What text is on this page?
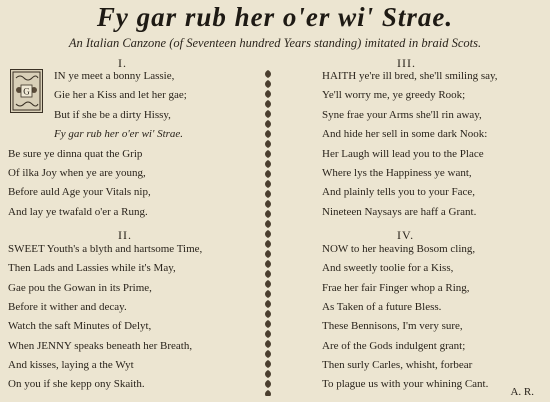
Fy gar rub her o'er wi' Strae.
An Italian Canzone (of Seventeen hundred Years standing) imitated in braid Scots.
I.
G
IN ye meet a bonny Lassie,
Gie her a Kiss and let her gae;
But if she be a dirty Hissy,
Fy gar rub her o'er wi' Strae.
Be sure ye dinna quat the Grip
Of ilka Joy when ye are young,
Before auld Age your Vitals nip,
And lay ye twafald o'er a Rung.
II.
SWEET Youth's a blyth and hartsome Time,
Then Lads and Lassies while it's May,
Gae pou the Gowan in its Prime,
Before it wither and decay.
Watch the saft Minutes of Delyt,
When JENNY speaks beneath her Breath,
And kisses, laying a the Wyt
On you if she kepp ony Skaith.
III.
HAITH ye're ill bred, she'll smiling say,
Ye'll worry me, ye greedy Rook;
Syne frae your Arms she'll rin away,
And hide her sell in some dark Nook:
Her Laugh will lead you to the Place
Where lys the Happiness ye want,
And plainly tells you to your Face,
Nineteen Naysays are haff a Grant.
IV.
NOW to her heaving Bosom cling,
And sweetly toolie for a Kiss,
Frae her fair Finger whop a Ring,
As Taken of a future Bless.
These Bennisons, I'm very sure,
Are of the Gods indulgent grant;
Then surly Carles, whisht, forbear
To plague us with your whining Cant.
A. R.
